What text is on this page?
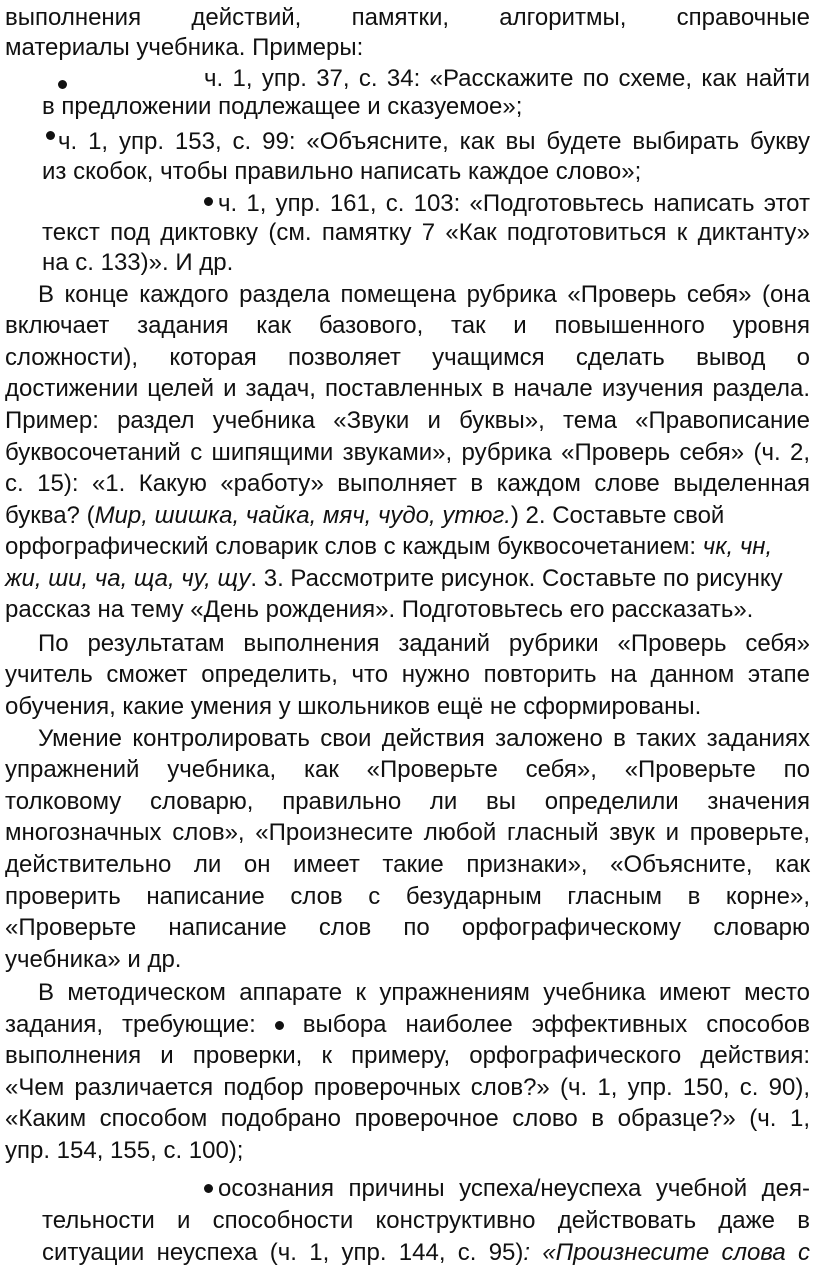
выполнения действий, памятки, алгоритмы, справочные
материалы учебника. Примеры:
ч. 1, упр. 37, с. 34: «Расскажите по схеме, как найти
в предложении подлежащее и сказуемое»;
ч. 1, упр. 153, с. 99: «Объясните, как вы будете выбирать букву
из скобок, чтобы правильно написать каждое слово»;
ч. 1, упр. 161, с. 103: «Подготовьтесь написать этот
текст под диктовку (см. памятку 7 «Как подготовиться к диктанту»
на с. 133)». И др.
В конце каждого раздела помещена рубрика «Проверь себя» (она
включает задания как базового, так и повышенного уровня
сложности), которая позволяет учащимся сделать вывод о
достижении целей и задач, поставленных в начале изучения раздела.
Пример: раздел учебника «Звуки и буквы», тема «Правописание
буквосочетаний с шипящими звуками», рубрика «Проверь себя» (ч. 2,
с. 15): «1. Какую «работу» выполняет в каждом слове выделенная
буква? (Мир, шишка, чайка, мяч, чудо, утюг.) 2. Составьте свой
орфографический словарик слов с каждым буквосочетанием: чк, чн,
жи, ши, ча, ща, чу, щу. 3. Рассмотрите рисунок. Составьте по рисунку
рассказ на тему «День рождения». Подготовьтесь его рассказать».
По результатам выполнения заданий рубрики «Проверь себя»
учитель сможет определить, что нужно повторить на данном этапе
обучения, какие умения у школьников ещё не сформированы.
Умение контролировать свои действия заложено в таких заданиях
упражнений учебника, как «Проверьте себя», «Проверьте по
толковому словарю, правильно ли вы определили значения
многозначных слов», «Произнесите любой гласный звук и проверьте,
действительно ли он имеет такие признаки», «Объясните, как
проверить написание слов с безударным гласным в корне»,
«Проверьте написание слов по орфографическому словарю
учебника» и др.
В методическом аппарате к упражнениям учебника имеют место
задания, требующие:  выбора наиболее эффективных способов
выполнения и проверки, к примеру, орфографического действия:
«Чем различается подбор проверочных слов?» (ч. 1, упр. 150, с. 90),
«Каким способом подобрано проверочное слово в образце?» (ч. 1,
упр. 154, 155, с. 100);
осознания причины успеха/неуспеха учебной дея-
тельности и способности конструктивно действовать даже в
ситуации неуспеха (ч. 1, упр. 144, с. 95): «Произнесите слова с
